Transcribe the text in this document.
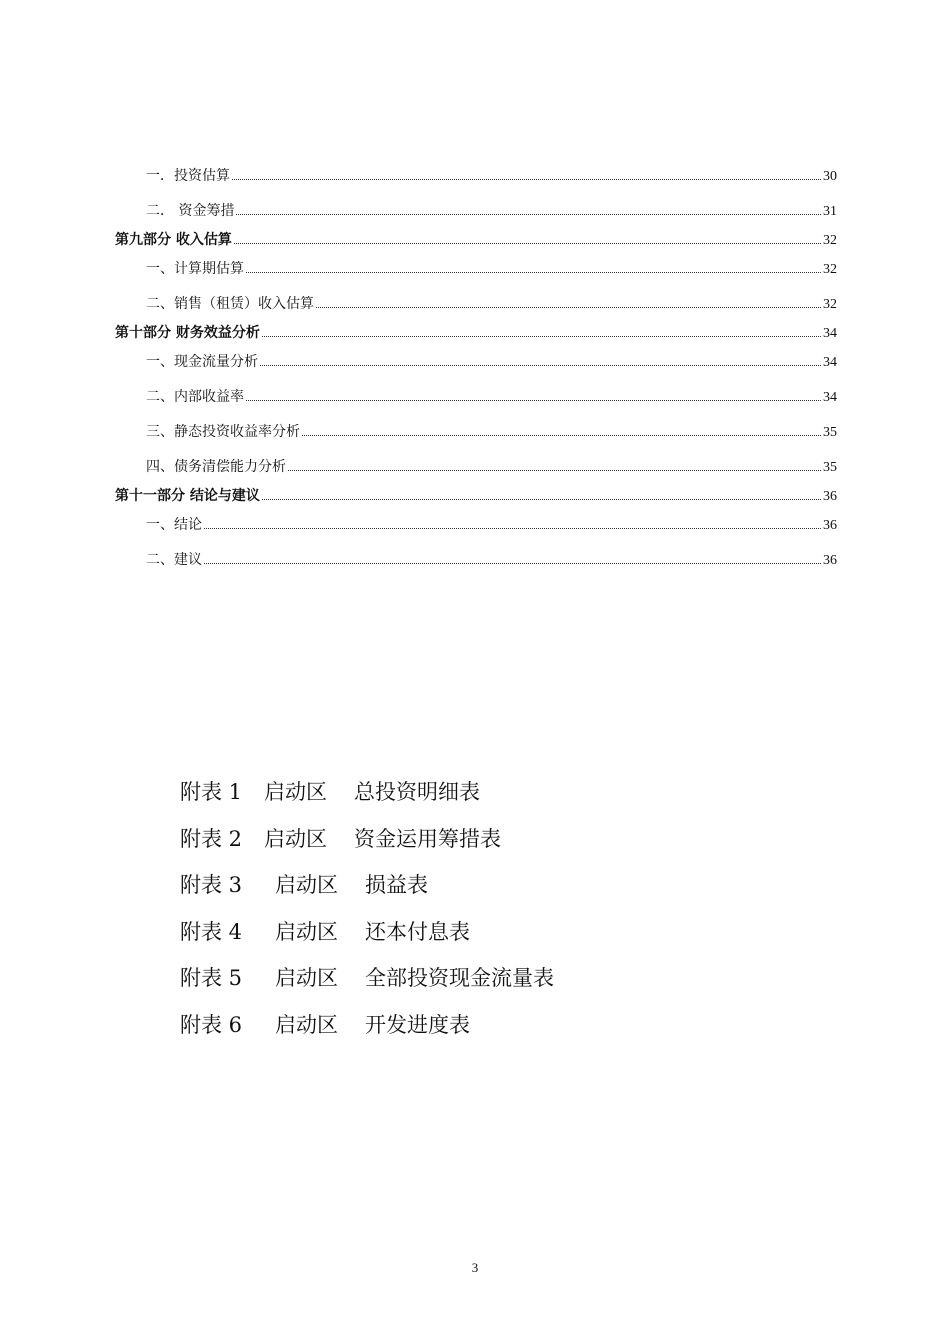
一．投资估算	30
二． 资金筹措	31
第九部分 收入估算	32
一、计算期估算	32
二、销售（租赁）收入估算	32
第十部分 财务效益分析	34
一、现金流量分析	34
二、内部收益率	34
三、静态投资收益率分析	35
四、债务清偿能力分析	35
第十一部分 结论与建议	36
一、结论	36
二、建议	36
附表 1 启动区 总投资明细表
附表 2 启动区 资金运用筹措表
附表 3 启动区 损益表
附表 4 启动区 还本付息表
附表 5 启动区 全部投资现金流量表
附表 6 启动区 开发进度表
3
